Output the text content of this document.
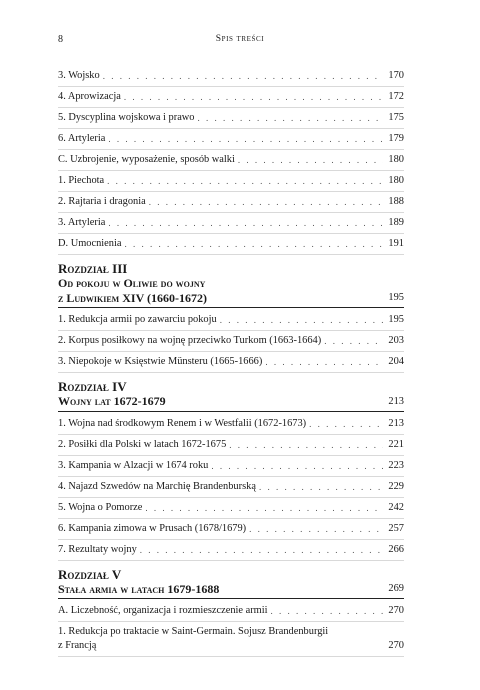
8	Spis treści
3. Wojsko . . .	170
4. Aprowizacja . . .	172
5. Dyscyplina wojskowa i prawo . . .	175
6. Artyleria . . .	179
C. Uzbrojenie, wyposażenie, sposób walki . . .	180
1. Piechota . . .	180
2. Rajtaria i dragonia . . .	188
3. Artyleria . . .	189
D. Umocnienia . . .	191
Rozdział III
Od pokoju w Oliwie do wojny
z Ludwikiem XIV (1660-1672)	195
1. Redukcja armii po zawarciu pokoju . . .	195
2. Korpus posiłkowy na wojnę przeciwko Turkom (1663-1664) . . .	203
3. Niepokoje w Księstwie Münsteru (1665-1666) . . .	204
Rozdział IV
Wojny lat 1672-1679	213
1. Wojna nad środkowym Renem i w Westfalii (1672-1673) . . .	213
2. Posiłki dla Polski w latach 1672-1675 . . .	221
3. Kampania w Alzacji w 1674 roku . . .	223
4. Najazd Szwedów na Marchię Brandenburską . . .	229
5. Wojna o Pomorze . . .	242
6. Kampania zimowa w Prusach (1678/1679) . . .	257
7. Rezultaty wojny . . .	266
Rozdział V
Stała armia w latach 1679-1688	269
A. Liczebność, organizacja i rozmieszczenie armii . . .	270
1. Redukcja po traktacie w Saint-Germain. Sojusz Brandenburgii
z Francją	270
